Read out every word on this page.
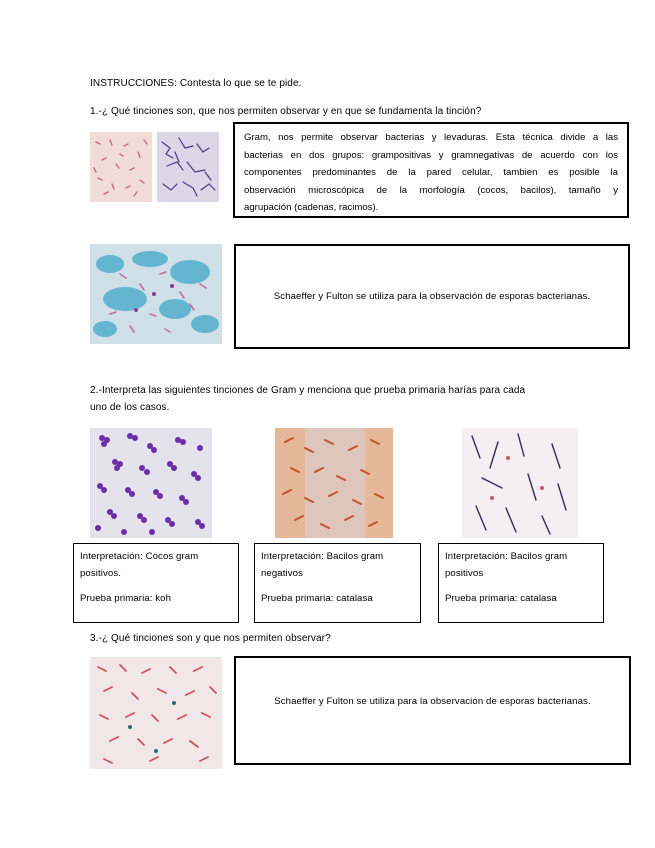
INSTRUCCIONES: Contesta lo que se te pide.
1.-¿ Qué tinciones son, que nos permiten observar y en que se fundamenta la tinción?
Gram, nos permite observar bacterias y levaduras. Esta técnica divide a las
bacterias en dos grupos: grampositivas y gramnegativas de acuerdo con los
componentes predominantes de la pared celular, tambien es posible la
observación microscópica de la morfología (cocos, bacilos), tamaño y
agrupación (cadenas, racimos).
Schaeffer y Fulton se utiliza para la observación de esporas bacterianas.
2.-Interpreta las siguientes tinciones de Gram y menciona que prueba primaria harías para cada
uno de los casos.
Interpretación: Cocos gram
positivos.
Prueba primaria: koh
Interpretación: Bacilos gram
negativos
Prueba primaria: catalasa
Interpretación: Bacilos gram
positivos
Prueba primaria: catalasa
3.-¿ Qué tinciones son y que nos permiten observar?
Schaeffer y Fulton se utiliza para la observación de esporas bacterianas.
